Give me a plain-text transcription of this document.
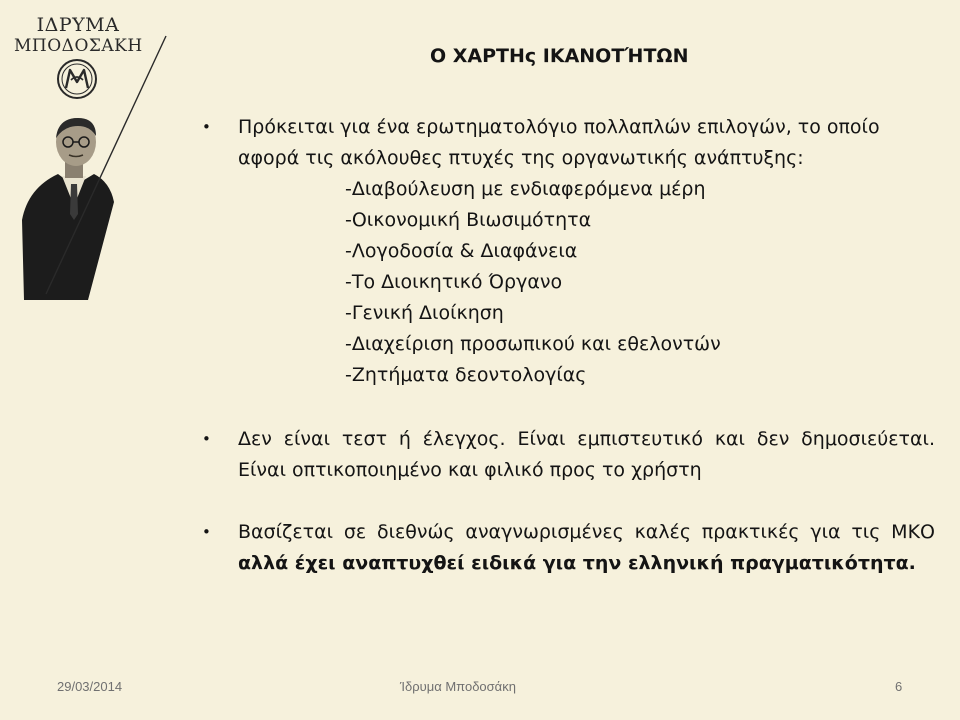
ΙΔΡΥΜΑ
ΜΠΟΔΟΣΑΚΗ	Ο ΧΑΡΤΗς ΙΚΑΝΟΤΉΤΩΝ
• Πρόκειται για ένα ερωτηματολόγιο πολλαπλών επιλογών, το οποίο αφορά τις ακόλουθες πτυχές της οργανωτικής ανάπτυξης:
-Διαβούλευση με ενδιαφερόμενα μέρη
-Οικονομική Βιωσιμότητα
-Λογοδοσία & Διαφάνεια
-Το Διοικητικό Όργανο
-Γενική Διοίκηση
-Διαχείριση προσωπικού και εθελοντών
-Ζητήματα δεοντολογίας
• Δεν είναι τεστ ή έλεγχος. Είναι εμπιστευτικό και δεν δημοσιεύεται. Είναι οπτικοποιημένο και φιλικό προς το χρήστη
• Βασίζεται σε διεθνώς αναγνωρισμένες καλές πρακτικές για τις ΜΚΟ αλλά έχει αναπτυχθεί ειδικά για την ελληνική πραγματικότητα.
29/03/2014	Ίδρυμα Μποδοσάκη	6
